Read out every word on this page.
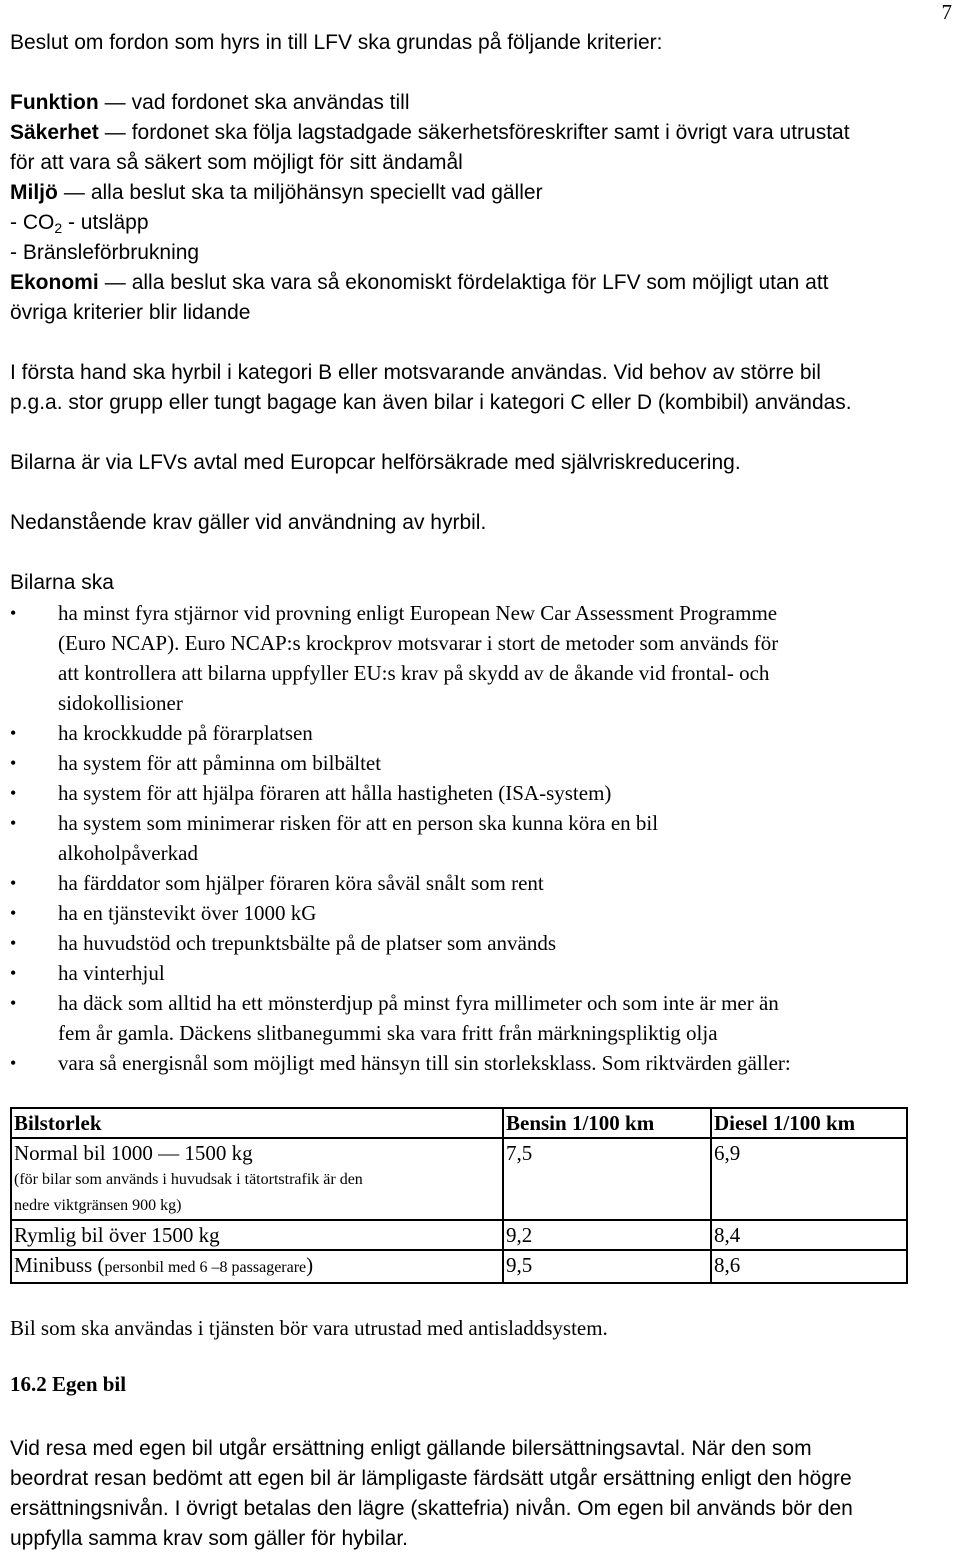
7
Beslut om fordon som hyrs in till LFV ska grundas på följande kriterier:
Funktion — vad fordonet ska användas till
Säkerhet — fordonet ska följa lagstadgade säkerhetsföreskrifter samt i övrigt vara utrustat
för att vara så säkert som möjligt för sitt ändamål
Miljö — alla beslut ska ta miljöhänsyn speciellt vad gäller
- $CO_2$ - utsläpp
- Bränsleförbrukning
Ekonomi — alla beslut ska vara så ekonomiskt fördelaktiga för LFV som möjligt utan att
övriga kriterier blir lidande
I första hand ska hyrbil i kategori B eller motsvarande användas. Vid behov av större bil
p.g.a. stor grupp eller tungt bagage kan även bilar i kategori C eller D (kombibil) användas.
Bilarna är via LFVs avtal med Europcar helförsäkrade med självriskreducering.
Nedanstående krav gäller vid användning av hyrbil.
Bilarna ska
• ha minst fyra stjärnor vid provning enligt European New Car Assessment Programme
(Euro NCAP). Euro NCAP:s krockprov motsvarar i stort de metoder som används för
att kontrollera att bilarna uppfyller EU:s krav på skydd av de åkande vid frontal- och
sidokollisioner
• ha krockkudde på förarplatsen
• ha system för att påminna om bilbältet
• ha system för att hjälpa föraren att hålla hastigheten (ISA-system)
• ha system som minimerar risken för att en person ska kunna köra en bil
alkoholpåverkad
• ha färddator som hjälper föraren köra såväl snålt som rent
• ha en tjänstevikt över 1000 kG
• ha huvudstöd och trepunktsbälte på de platser som används
• ha vinterhjul
• ha däck som alltid ha ett mönsterdjup på minst fyra millimeter och som inte är mer än
fem år gamla. Däckens slitbanegummi ska vara fritt från märkningspliktig olja
• vara så energisnål som möjligt med hänsyn till sin storleksklass. Som riktvärden gäller:
Bilstorlek	Bensin 1/100 km	Diesel 1/100 km

Normal bil 1000 — 1500 kg
(för bilar som används i huvudsak i tätortstrafik är den
nedre viktgränsen 900 kg)	7,5	6,9
Rymlig bil över 1500 kg	9,2	8,4
Minibuss (personbil med 6 –8 passagerare)	9,5	8,6
Bil som ska användas i tjänsten bör vara utrustad med antisladdsystem.
16.2 Egen bil
Vid resa med egen bil utgår ersättning enligt gällande bilersättningsavtal. När den som
beordrat resan bedömt att egen bil är lämpligaste färdsätt utgår ersättning enligt den högre
ersättningsnivån. I övrigt betalas den lägre (skattefria) nivån. Om egen bil används bör den
uppfylla samma krav som gäller för hybilar.
